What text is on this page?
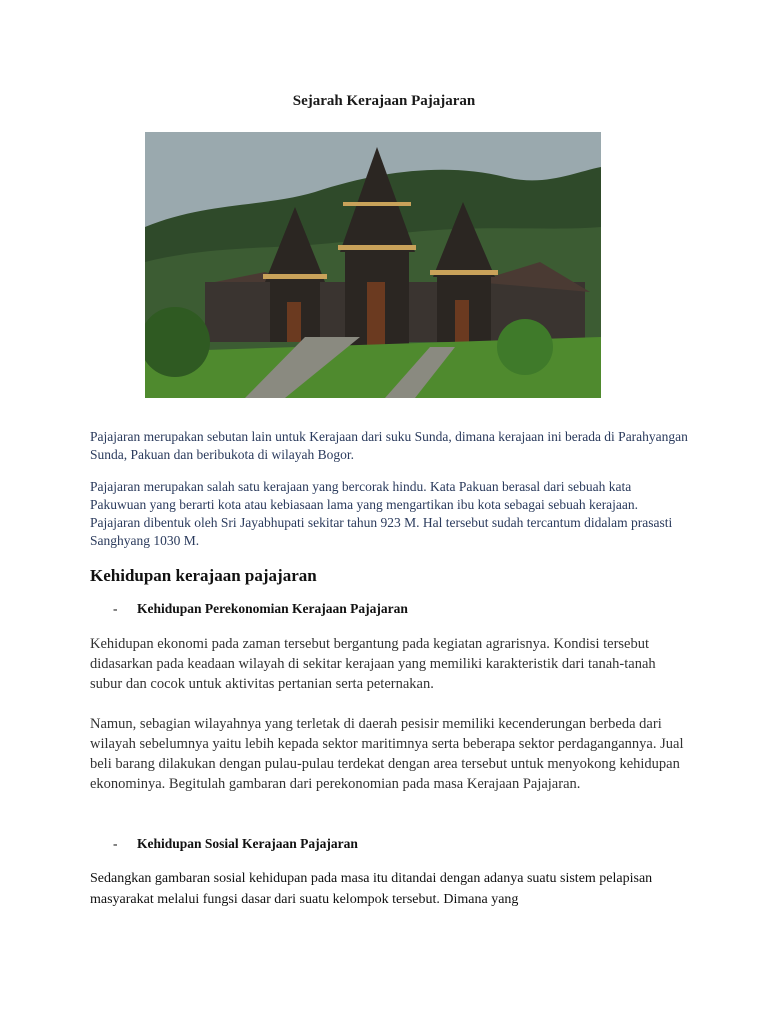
Sejarah Kerajaan Pajajaran

Pajajaran merupakan sebutan lain untuk Kerajaan dari suku Sunda, dimana kerajaan ini berada di Parahyangan Sunda, Pakuan dan beribukota di wilayah Bogor.

Pajajaran merupakan salah satu kerajaan yang bercorak hindu. Kata Pakuan berasal dari sebuah kata Pakuwuan yang berarti kota atau kebiasaan lama yang mengartikan ibu kota sebagai sebuah kerajaan. Pajajaran dibentuk oleh Sri Jayabhupati sekitar tahun 923 M. Hal tersebut sudah tercantum didalam prasasti Sanghyang 1030 M.

Kehidupan kerajaan pajajaran
- Kehidupan Perekonomian Kerajaan Pajajaran

Kehidupan ekonomi pada zaman tersebut bergantung pada kegiatan agrarisnya. Kondisi tersebut didasarkan pada keadaan wilayah di sekitar kerajaan yang memiliki karakteristik dari tanah-tanah subur dan cocok untuk aktivitas pertanian serta peternakan.

Namun, sebagian wilayahnya yang terletak di daerah pesisir memiliki kecenderungan berbeda dari wilayah sebelumnya yaitu lebih kepada sektor maritimnya serta beberapa sektor perdagangannya. Jual beli barang dilakukan dengan pulau-pulau terdekat dengan area tersebut untuk menyokong kehidupan ekonominya. Begitulah gambaran dari perekonomian pada masa Kerajaan Pajajaran.

- Kehidupan Sosial Kerajaan Pajajaran

Sedangkan gambaran sosial kehidupan pada masa itu ditandai dengan adanya suatu sistem pelapisan masyarakat melalui fungsi dasar dari suatu kelompok tersebut. Dimana yang
